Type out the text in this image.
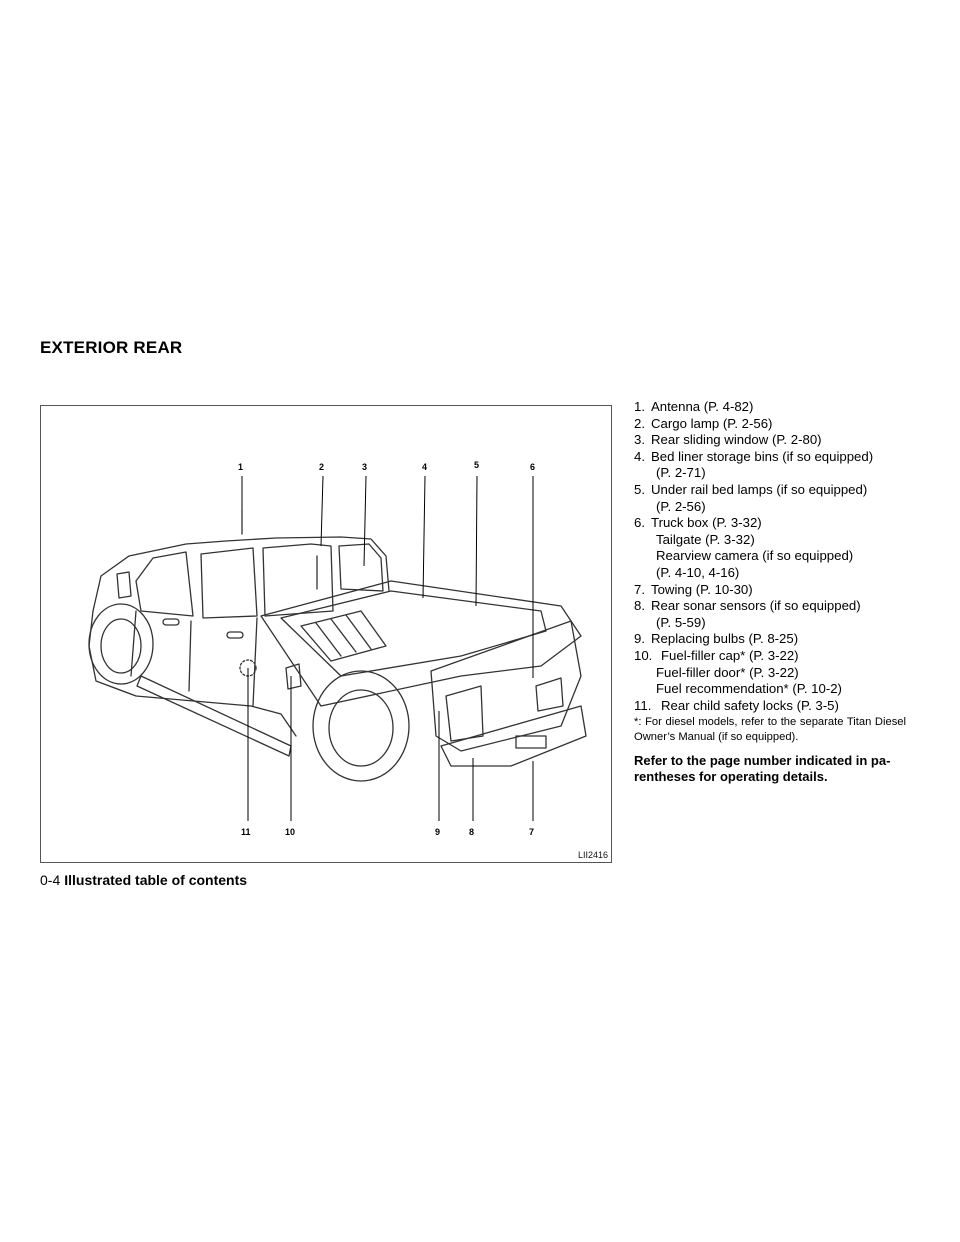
EXTERIOR REAR
1	2	3	4	5	6
7
8
9
10
11
LII2416
1. Antenna (P. 4-82)
2. Cargo lamp (P. 2-56)
3. Rear sliding window (P. 2-80)
4. Bed liner storage bins (if so equipped)
(P. 2-71)
5. Under rail bed lamps (if so equipped)
(P. 2-56)
6. Truck box (P. 3-32)
Tailgate (P. 3-32)
Rearview camera (if so equipped)
(P. 4-10, 4-16)
7. Towing (P. 10-30)
8. Rear sonar sensors (if so equipped)
(P. 5-59)
9. Replacing bulbs (P. 8-25)
10. Fuel-filler cap* (P. 3-22)
Fuel-filler door* (P. 3-22)
Fuel recommendation* (P. 10-2)
11. Rear child safety locks (P. 3-5)
*: For diesel models, refer to the separate Titan Diesel Owner’s Manual (if so equipped).
Refer to the page number indicated in pa- rentheses for operating details.
0-4 Illustrated table of contents
